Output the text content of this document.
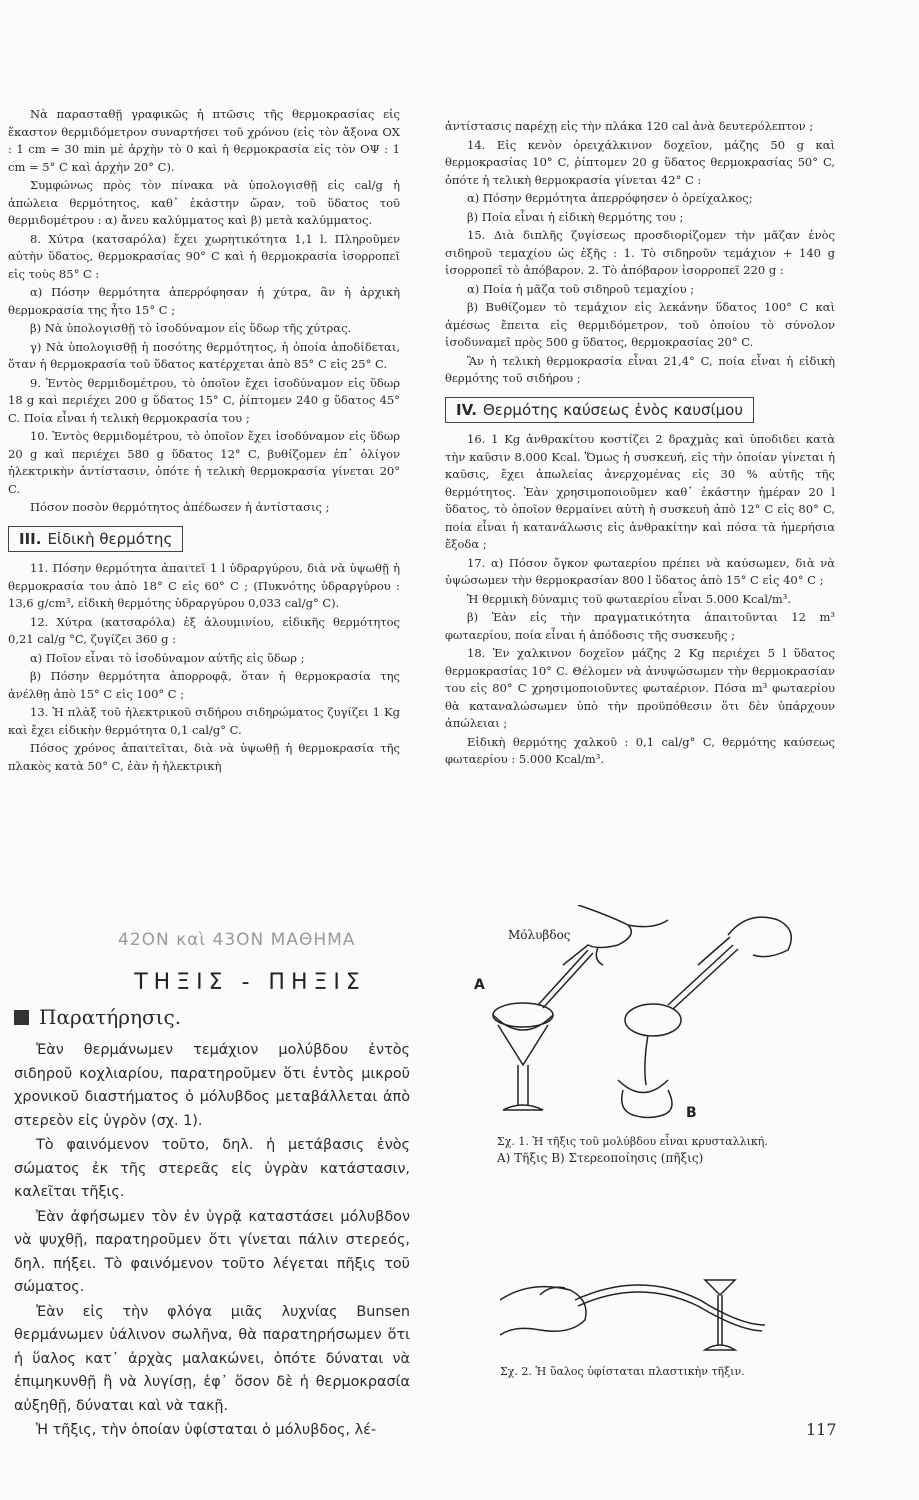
Νὰ παρασταθῇ γραφικῶς ἡ πτῶσις τῆς θερμοκρασίας εἰς ἕκαστον θερμιδόμετρον συναρτήσει τοῦ χρόνου (εἰς τὸν ἄξονα ΟΧ : 1 cm = 30 min μὲ ἀρχὴν τὸ 0 καὶ ἡ θερμοκρασία εἰς τὸν ΟΨ : 1 cm = 5° C καὶ ἀρχὴν 20° C).

Συμφώνως πρὸς τὸν πίνακα νὰ ὑπολογισθῇ εἰς cal/g ἡ ἀπώλεια θερμότητος, καθ᾿ ἑκάστην ὥραν, τοῦ ὕδατος τοῦ θερμιδομέτρου : α) ἄνευ καλύμματος καὶ β) μετὰ καλύμματος.

8. Χύτρα (κατσαρόλα) ἔχει χωρητικότητα 1,1 l. Πληροῦμεν αὐτὴν ὕδατος, θερμοκρασίας 90° C καὶ ἡ θερμοκρασία ἰσορροπεῖ εἰς τοὺς 85° C :

α) Πόσην θερμότητα ἀπερρόφησαν ἡ χύτρα, ἂν ἡ ἀρχικὴ θερμοκρασία της ἦτο 15° C ;

β) Νὰ ὑπολογισθῇ τὸ ἰσοδύναμον εἰς ὕδωρ τῆς χύτρας.

γ) Νὰ ὑπολογισθῇ ἡ ποσότης θερμότητος, ἡ ὁποία ἀποδίδεται, ὅταν ἡ θερμοκρασία τοῦ ὕδατος κατέρχεται ἀπὸ 85° C εἰς 25° C.

9. Ἐντὸς θερμιδομέτρου, τὸ ὁποῖον ἔχει ἰσοδύναμον εἰς ὕδωρ 18 g καὶ περιέχει 200 g ὕδατος 15° C, ῥίπτομεν 240 g ὕδατος 45° C. Ποία εἶναι ἡ τελικὴ θερμοκρασία του ;

10. Ἐντὸς θερμιδομέτρου, τὸ ὁποῖον ἔχει ἰσοδύναμον εἰς ὕδωρ 20 g καὶ περιέχει 580 g ὕδατος 12° C, βυθίζομεν ἐπ᾿ ὀλίγον ἠλεκτρικὴν ἀντίστασιν, ὁπότε ἡ τελικὴ θερμοκρασία γίνεται 20° C.

Πόσον ποσὸν θερμότητος ἀπέδωσεν ἡ ἀντίστασις ;

III. Εἰδικὴ θερμότης

11. Πόσην θερμότητα ἀπαιτεῖ 1 l ὑδραργύρου, διὰ νὰ ὑψωθῇ ἡ θερμοκρασία του ἀπὸ 18° C εἰς 60° C ; (Πυκνότης ὑδραργύρου : 13,6 g/cm³, εἰδικὴ θερμότης ὑδραργύρου 0,033 cal/g° C).

12. Χύτρα (κατσαρόλα) ἐξ ἀλουμινίου, εἰδικῆς θερμότητος 0,21 cal/g °C, ζυγίζει 360 g :

α) Ποῖον εἶναι τὸ ἰσοδύναμον αὐτῆς εἰς ὕδωρ ;

β) Πόσην θερμότητα ἀπορροφᾷ, ὅταν ἡ θερμοκρασία της ἀνέλθῃ ἀπὸ 15° C εἰς 100° C ;

13. Ἡ πλὰξ τοῦ ἠλεκτρικοῦ σιδήρου σιδηρώματος ζυγίζει 1 Kg καὶ ἔχει εἰδικὴν θερμότητα 0,1 cal/g° C.

Πόσος χρόνος ἀπαιτεῖται, διὰ νὰ ὑψωθῇ ἡ θερμοκρασία τῆς πλακὸς κατὰ 50° C, ἐὰν ἡ ἠλεκτρικὴ

ἀντίστασις παρέχῃ εἰς τὴν πλάκα 120 cal ἀνὰ δευτερόλεπτον ;

14. Εἰς κενὸν ὀρειχάλκινον δοχεῖον, μάζης 50 g καὶ θερμοκρασίας 10° C, ῥίπτομεν 20 g ὕδατος θερμοκρασίας 50° C, ὁπότε ἡ τελικὴ θερμοκρασία γίνεται 42° C :

α) Πόσην θερμότητα ἀπερρόφησεν ὁ ὀρείχαλκος;

β) Ποία εἶναι ἡ εἰδικὴ θερμότης του ;

15. Διὰ διπλῆς ζυγίσεως προσδιορίζομεν τὴν μᾶζαν ἑνὸς σιδηροῦ τεμαχίου ὡς ἑξῆς : 1. Τὸ σιδηροῦν τεμάχιον + 140 g ἰσορροπεῖ τὸ ἀπόβαρον. 2. Τὸ ἀπόβαρον ἰσορροπεῖ 220 g :

α) Ποία ἡ μᾶζα τοῦ σιδηροῦ τεμαχίου ;

β) Βυθίζομεν τὸ τεμάχιον εἰς λεκάνην ὕδατος 100° C καὶ ἀμέσως ἔπειτα εἰς θερμιδόμετρον, τοῦ ὁποίου τὸ σύνολον ἰσοδυναμεῖ πρὸς 500 g ὕδατος, θερμοκρασίας 20° C.

Ἂν ἡ τελικὴ θερμοκρασία εἶναι 21,4° C, ποία εἶναι ἡ εἰδικὴ θερμότης τοῦ σιδήρου ;

IV. Θερμότης καύσεως ἑνὸς καυσίμου

16. 1 Kg ἀνθρακίτου κοστίζει 2 δραχμὰς καὶ ὑποδιδει κατὰ τὴν καῦσιν 8.000 Kcal. Ὅμως ἡ συσκευή, εἰς τὴν ὁποίαν γίνεται ἡ καῦσις, ἔχει ἀπωλείας ἀνερχομένας εἰς 30 % αὐτῆς τῆς θερμότητος. Ἐὰν χρησιμοποιοῦμεν καθ᾿ ἑκάστην ἡμέραν 20 l ὕδατος, τὸ ὁποῖον θερμαίνει αὐτὴ ἡ συσκευὴ ἀπὸ 12° C εἰς 80° C, ποία εἶναι ἡ κατανάλωσις εἰς ἀνθρακίτην καὶ πόσα τὰ ἡμερήσια ἔξοδα ;

17. α) Πόσον ὄγκον φωταερίου πρέπει νὰ καύσωμεν, διὰ νὰ ὑψώσωμεν τὴν θερμοκρασίαν 800 l ὕδατος ἀπὸ 15° C εἰς 40° C ;

Ἡ θερμικὴ δύναμις τοῦ φωταερίου εἶναι 5.000 Kcal/m³.

β) Ἐὰν εἰς τὴν πραγματικότητα ἀπαιτοῦνται 12 m³ φωταερίου, ποία εἶναι ἡ ἀπόδοσις τῆς συσκευῆς ;

18. Ἐν χαλκινον δοχεῖον μάζης 2 Kg περιέχει 5 l ὕδατος θερμοκρασίας 10° C. Θέλομεν νὰ ἀνυψώσωμεν τὴν θερμοκρασίαν του εἰς 80° C χρησιμοποιοῦντες φωταέριον. Πόσα m³ φωταερίου θὰ καταναλώσωμεν ὑπὸ τὴν προϋπόθεσιν ὅτι δὲν ὑπάρχουν ἀπώλειαι ;

Εἰδικὴ θερμότης χαλκοῦ : 0,1 cal/g° C, θερμότης καύσεως φωταερίου : 5.000 Kcal/m³.

42ΟΝ καὶ 43ΟΝ ΜΑΘΗΜΑ
ΤΗΞΙΣ - ΠΗΞΙΣ
Παρατήρησις.

Ἐὰν θερμάνωμεν τεμάχιον μολύβδου ἐντὸς σιδηροῦ κοχλιαρίου, παρατηροῦμεν ὅτι ἐντὸς μικροῦ χρονικοῦ διαστήματος ὁ μόλυβδος μεταβάλλεται ἀπὸ στερεὸν εἰς ὑγρὸν (σχ. 1).

Τὸ φαινόμενον τοῦτο, δηλ. ἡ μετάβασις ἑνὸς σώματος ἐκ τῆς στερεᾶς εἰς ὑγρὰν κατάστασιν, καλεῖται τῆξις.

Ἐὰν ἀφήσωμεν τὸν ἐν ὑγρᾷ καταστάσει μόλυβδον νὰ ψυχθῇ, παρατηροῦμεν ὅτι γίνεται πάλιν στερεός, δηλ. πήξει. Τὸ φαινόμενον τοῦτο λέγεται πῆξις τοῦ σώματος.

Ἐὰν εἰς τὴν φλόγα μιᾶς λυχνίας Bunsen θερμάνωμεν ὑάλινον σωλῆνα, θὰ παρατηρήσωμεν ὅτι ἡ ὕαλος κατ᾿ ἀρχὰς μαλακώνει, ὁπότε δύναται νὰ ἐπιμηκυνθῇ ἢ νὰ λυγίσῃ, ἐφ᾿ ὅσον δὲ ἡ θερμοκρασία αὐξηθῇ, δύναται καὶ νὰ τακῇ.

Ἡ τῆξις, τὴν ὁποίαν ὑφίσταται ὁ μόλυβδος, λέ-

Μόλυβδος
A
B
Σχ. 1. Ἡ τῆξις τοῦ μολύβδου εἶναι κρυσταλλική.
Α) Τῆξις Β) Στερεοποίησις (πῆξις)
Σχ. 2. Ἡ ὕαλος ὑφίσταται πλαστικὴν τῆξιν.
117
